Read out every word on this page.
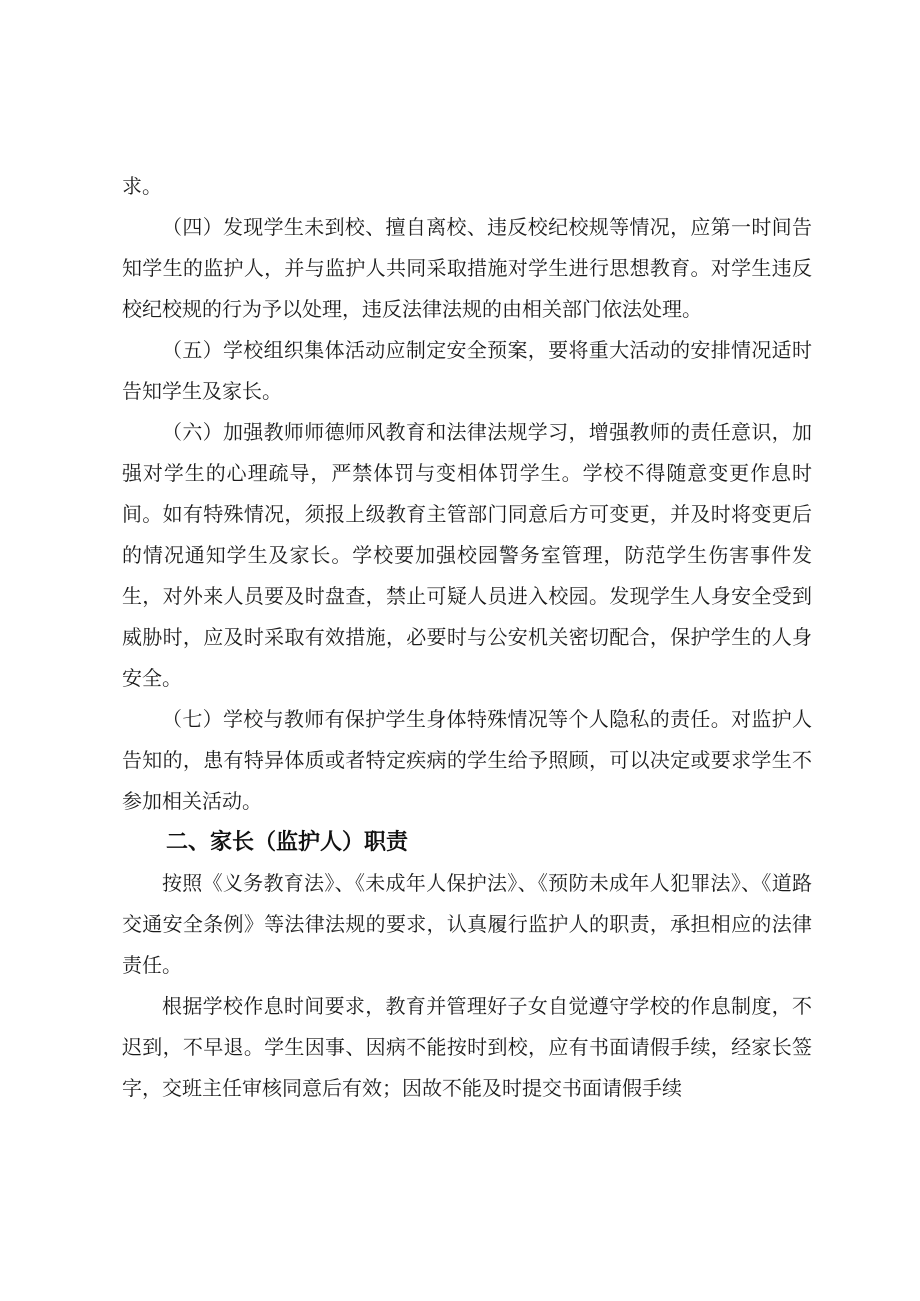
求。

（四）发现学生未到校、擅自离校、违反校纪校规等情况，应第一时间告知学生的监护人，并与监护人共同采取措施对学生进行思想教育。对学生违反校纪校规的行为予以处理，违反法律法规的由相关部门依法处理。

（五）学校组织集体活动应制定安全预案，要将重大活动的安排情况适时告知学生及家长。

（六）加强教师师德师风教育和法律法规学习，增强教师的责任意识，加强对学生的心理疏导，严禁体罚与变相体罚学生。学校不得随意变更作息时间。如有特殊情况，须报上级教育主管部门同意后方可变更，并及时将变更后的情况通知学生及家长。学校要加强校园警务室管理，防范学生伤害事件发生，对外来人员要及时盘查，禁止可疑人员进入校园。发现学生人身安全受到威胁时，应及时采取有效措施，必要时与公安机关密切配合，保护学生的人身安全。

（七）学校与教师有保护学生身体特殊情况等个人隐私的责任。对监护人告知的，患有特异体质或者特定疾病的学生给予照顾，可以决定或要求学生不参加相关活动。

二、家长（监护人）职责

按照《义务教育法》、《未成年人保护法》、《预防未成年人犯罪法》、《道路交通安全条例》等法律法规的要求，认真履行监护人的职责，承担相应的法律责任。

根据学校作息时间要求，教育并管理好子女自觉遵守学校的作息制度，不迟到，不早退。学生因事、因病不能按时到校，应有书面请假手续，经家长签字，交班主任审核同意后有效；因故不能及时提交书面请假手续
